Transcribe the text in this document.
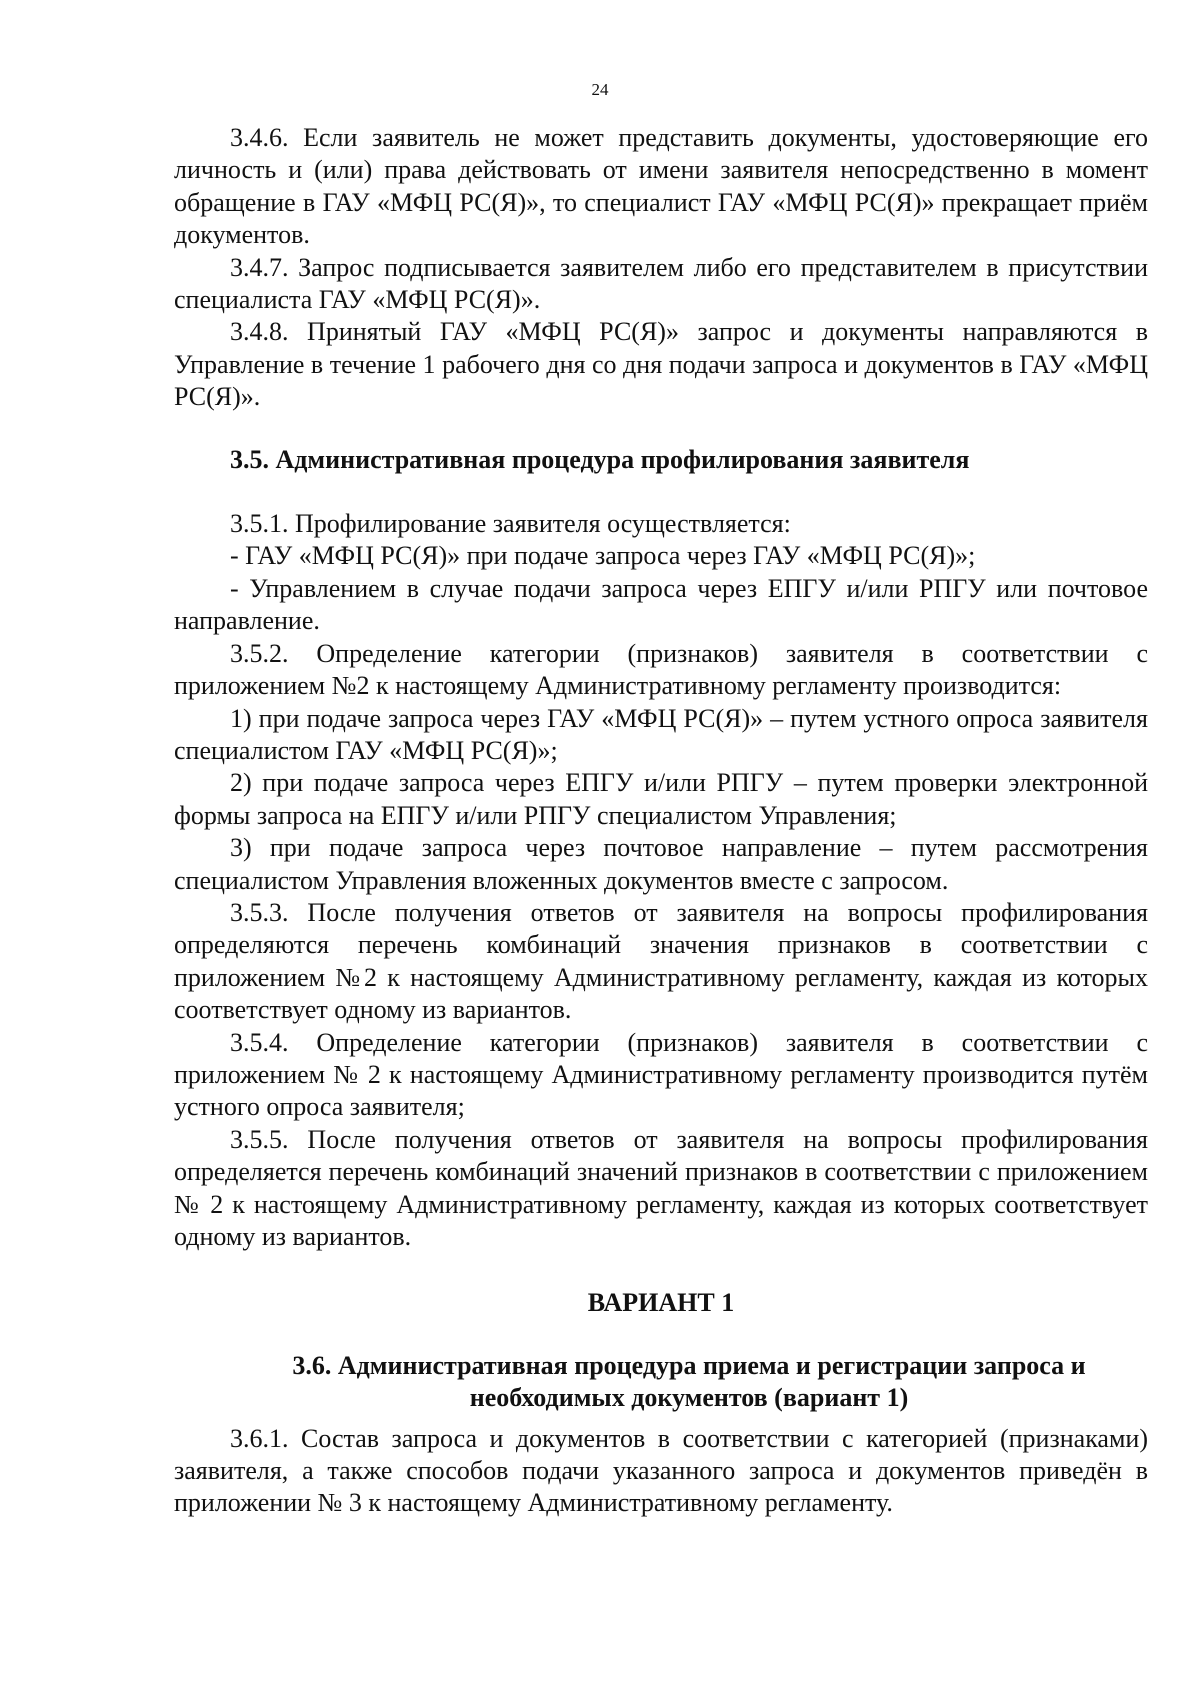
24

3.4.6. Если заявитель не может представить документы, удостоверяющие его личность и (или) права действовать от имени заявителя непосредственно в момент обращение в ГАУ «МФЦ РС(Я)», то специалист ГАУ «МФЦ РС(Я)» прекращает приём документов.

3.4.7. Запрос подписывается заявителем либо его представителем в присутствии специалиста ГАУ «МФЦ РС(Я)».

3.4.8. Принятый ГАУ «МФЦ РС(Я)» запрос и документы направляются в Управление в течение 1 рабочего дня со дня подачи запроса и документов в ГАУ «МФЦ РС(Я)».

3.5. Административная процедура профилирования заявителя

3.5.1. Профилирование заявителя осуществляется:

- ГАУ «МФЦ РС(Я)» при подаче запроса через ГАУ «МФЦ РС(Я)»;

- Управлением в случае подачи запроса через ЕПГУ и/или РПГУ или почтовое направление.

3.5.2. Определение категории (признаков) заявителя в соответствии с приложением №2 к настоящему Административному регламенту производится:

1) при подаче запроса через ГАУ «МФЦ РС(Я)» – путем устного опроса заявителя специалистом ГАУ «МФЦ РС(Я)»;

2) при подаче запроса через ЕПГУ и/или РПГУ – путем проверки электронной формы запроса на ЕПГУ и/или РПГУ специалистом Управления;

3) при подаче запроса через почтовое направление – путем рассмотрения специалистом Управления вложенных документов вместе с запросом.

3.5.3. После получения ответов от заявителя на вопросы профилирования определяются перечень комбинаций значения признаков в соответствии с приложением №2 к настоящему Административному регламенту, каждая из которых соответствует одному из вариантов.

3.5.4. Определение категории (признаков) заявителя в соответствии с приложением № 2 к настоящему Административному регламенту производится путём устного опроса заявителя;

3.5.5. После получения ответов от заявителя на вопросы профилирования определяется перечень комбинаций значений признаков в соответствии с приложением № 2 к настоящему Административному регламенту, каждая из которых соответствует одному из вариантов.

ВАРИАНТ 1

3.6. Административная процедура приема и регистрации запроса и
необходимых документов (вариант 1)

3.6.1. Состав запроса и документов в соответствии с категорией (признаками) заявителя, а также способов подачи указанного запроса и документов приведён в приложении № 3 к настоящему Административному регламенту.
